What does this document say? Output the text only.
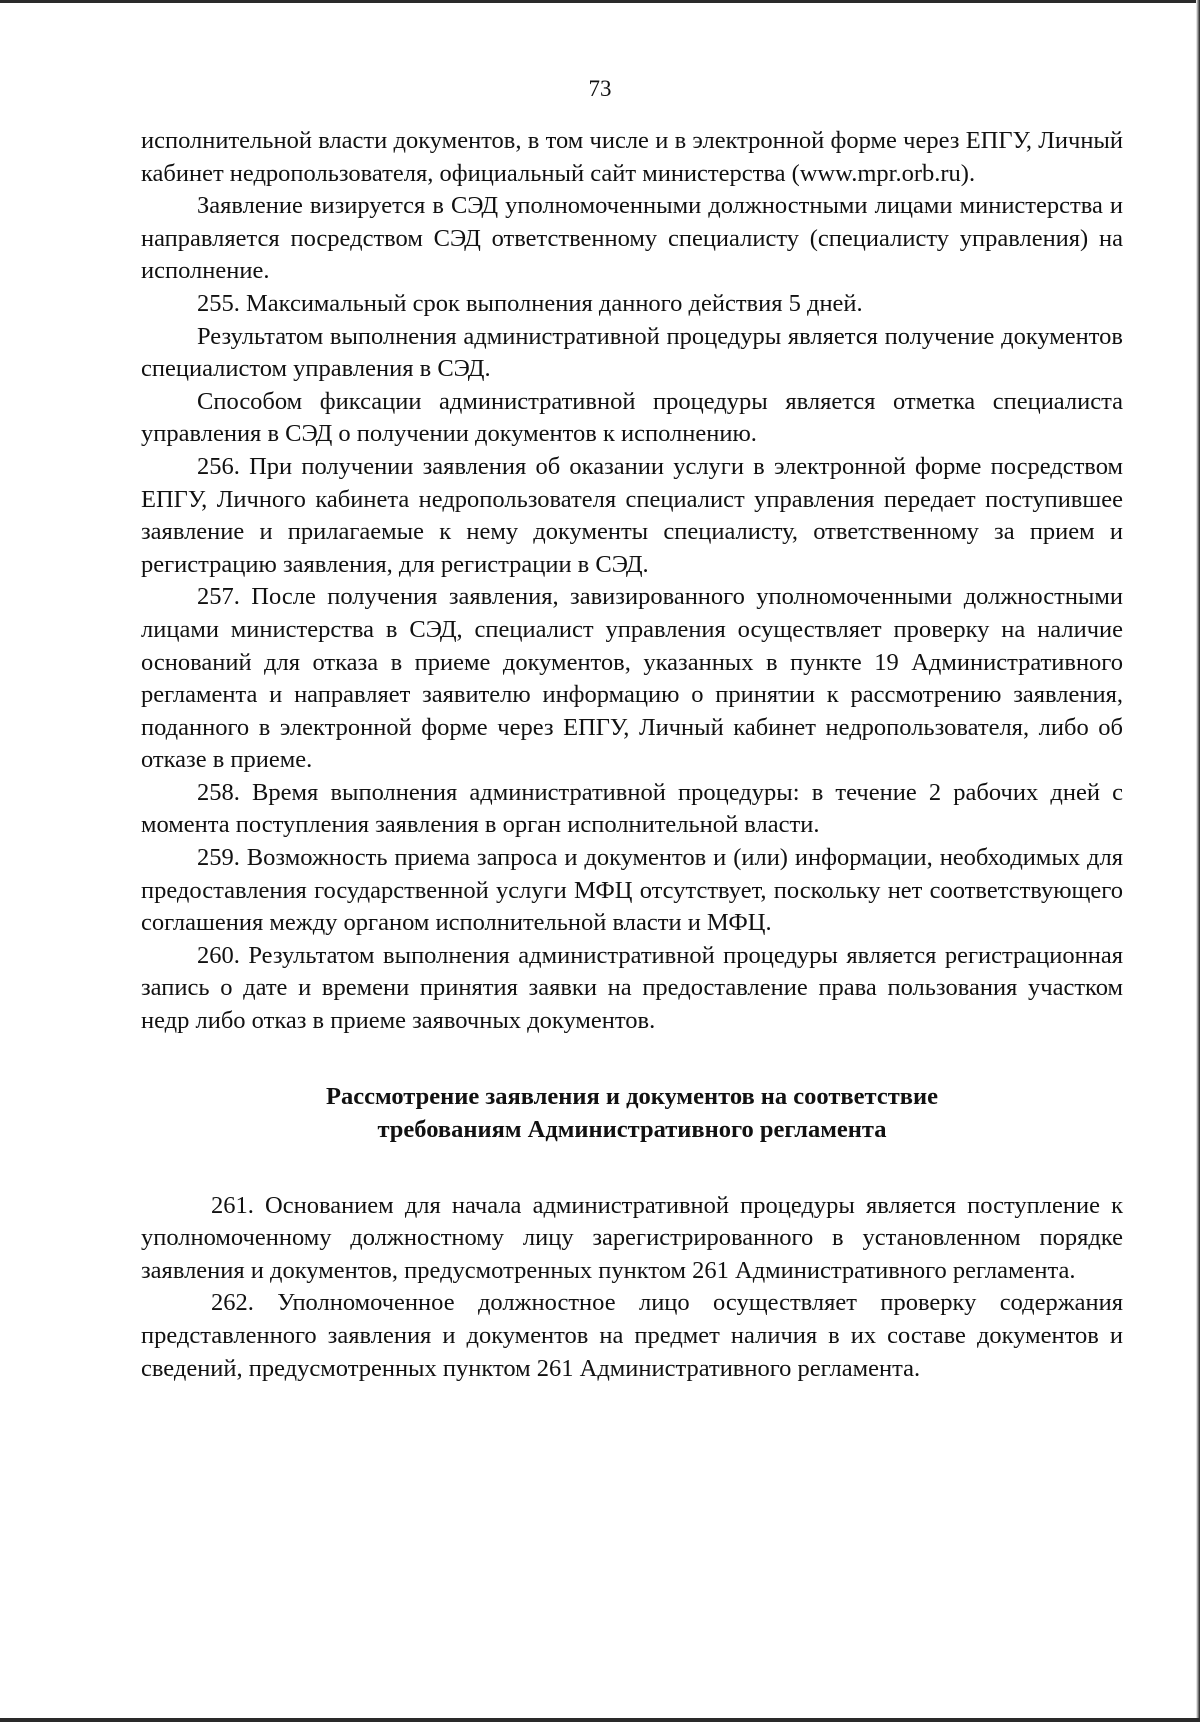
73

исполнительной власти документов, в том числе и в электронной форме через ЕПГУ, Личный кабинет недропользователя, официальный сайт министерства (www.mpr.orb.ru).

Заявление визируется в СЭД уполномоченными должностными лицами министерства и направляется посредством СЭД ответственному специалисту (специалисту управления) на исполнение.

255. Максимальный срок выполнения данного действия 5 дней.

Результатом выполнения административной процедуры является получение документов специалистом управления в СЭД.

Способом фиксации административной процедуры является отметка специалиста управления в СЭД о получении документов к исполнению.

256. При получении заявления об оказании услуги в электронной форме посредством ЕПГУ, Личного кабинета недропользователя специалист управления передает поступившее заявление и прилагаемые к нему документы специалисту, ответственному за прием и регистрацию заявления, для регистрации в СЭД.

257. После получения заявления, завизированного уполномоченными должностными лицами министерства в СЭД, специалист управления осуществляет проверку на наличие оснований для отказа в приеме документов, указанных в пункте 19 Административного регламента и направляет заявителю информацию о принятии к рассмотрению заявления, поданного в электронной форме через ЕПГУ, Личный кабинет недропользователя, либо об отказе в приеме.

258. Время выполнения административной процедуры: в течение 2 рабочих дней с момента поступления заявления в орган исполнительной власти.

259. Возможность приема запроса и документов и (или) информации, необходимых для предоставления государственной услуги МФЦ отсутствует, поскольку нет соответствующего соглашения между органом исполнительной власти и МФЦ.

260. Результатом выполнения административной процедуры является регистрационная запись о дате и времени принятия заявки на предоставление права пользования участком недр либо отказ в приеме заявочных документов.

Рассмотрение заявления и документов на соответствие
требованиям Административного регламента

261. Основанием для начала административной процедуры является поступление к уполномоченному должностному лицу зарегистрированного в установленном порядке заявления и документов, предусмотренных пунктом 261 Административного регламента.

262. Уполномоченное должностное лицо осуществляет проверку содержания представленного заявления и документов на предмет наличия в их составе документов и сведений, предусмотренных пунктом 261 Административного регламента.
